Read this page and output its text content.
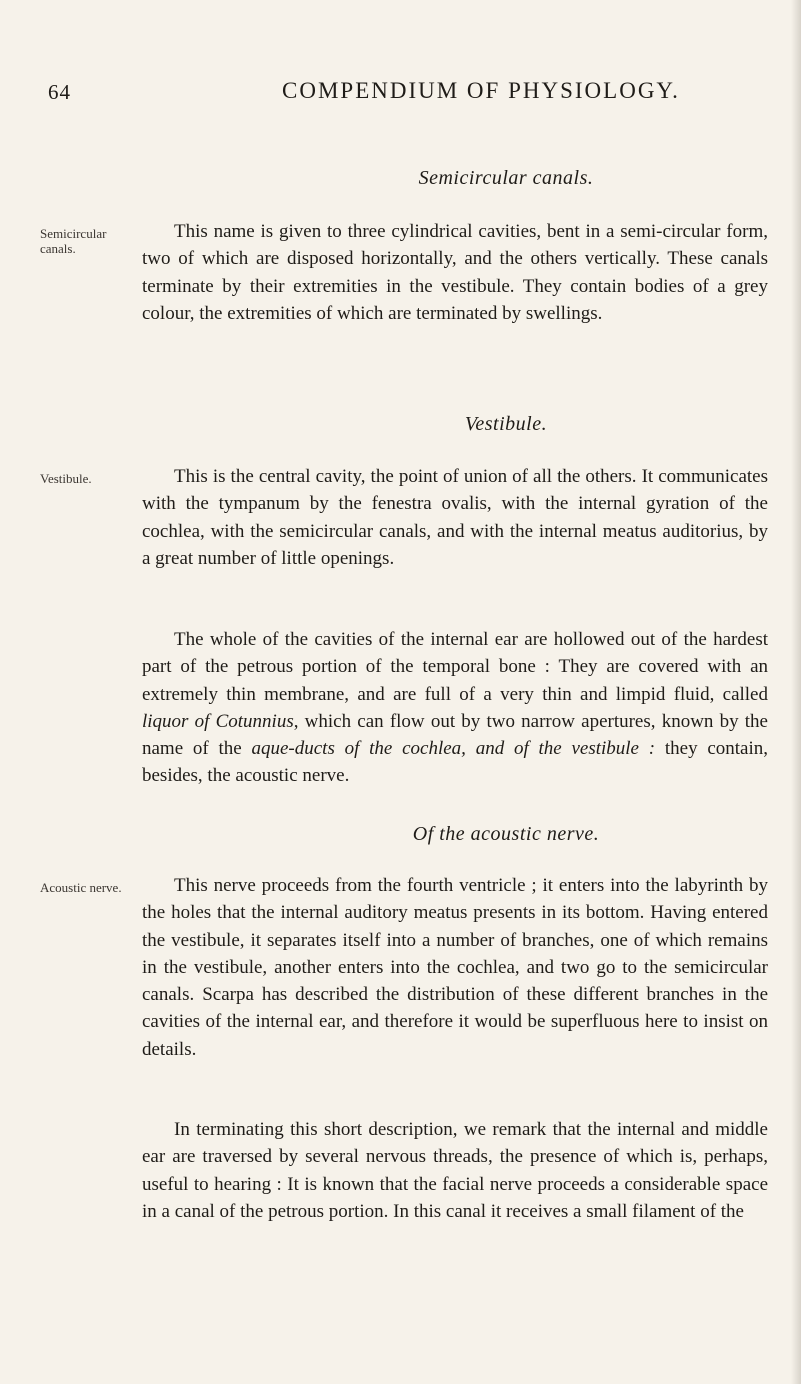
64	COMPENDIUM OF PHYSIOLOGY.
Semicircular canals.
Semicircular canals.

This name is given to three cylindrical cavities, bent in a semi-circular form, two of which are disposed horizontally, and the others vertically. These canals terminate by their extremities in the vestibule. They contain bodies of a grey colour, the extremities of which are terminated by swellings.

Vestibule.
Vestibule.	This is the central cavity, the point of union of all the others. It communicates with the tympanum by the fenestra ovalis, with the internal gyration of the cochlea, with the semicircular canals, and with the internal meatus auditorius, by a great number of little openings.

The whole of the cavities of the internal ear are hollowed out of the hardest part of the petrous portion of the temporal bone : They are covered with an extremely thin membrane, and are full of a very thin and limpid fluid, called liquor of Cotunnius, which can flow out by two narrow apertures, known by the name of the aque-ducts of the cochlea, and of the vestibule : they contain, besides, the acoustic nerve.

Of the acoustic nerve.
Acoustic nerve.	This nerve proceeds from the fourth ventricle ; it enters into the labyrinth by the holes that the internal auditory meatus presents in its bottom. Having entered the vestibule, it separates itself into a number of branches, one of which remains in the vestibule, another enters into the cochlea, and two go to the semicircular canals. Scarpa has described the distribution of these different branches in the cavities of the internal ear, and therefore it would be superfluous here to insist on details.

In terminating this short description, we remark that the internal and middle ear are traversed by several nervous threads, the presence of which is, perhaps, useful to hearing : It is known that the facial nerve proceeds a considerable space in a canal of the petrous portion. In this canal it receives a small filament of the
